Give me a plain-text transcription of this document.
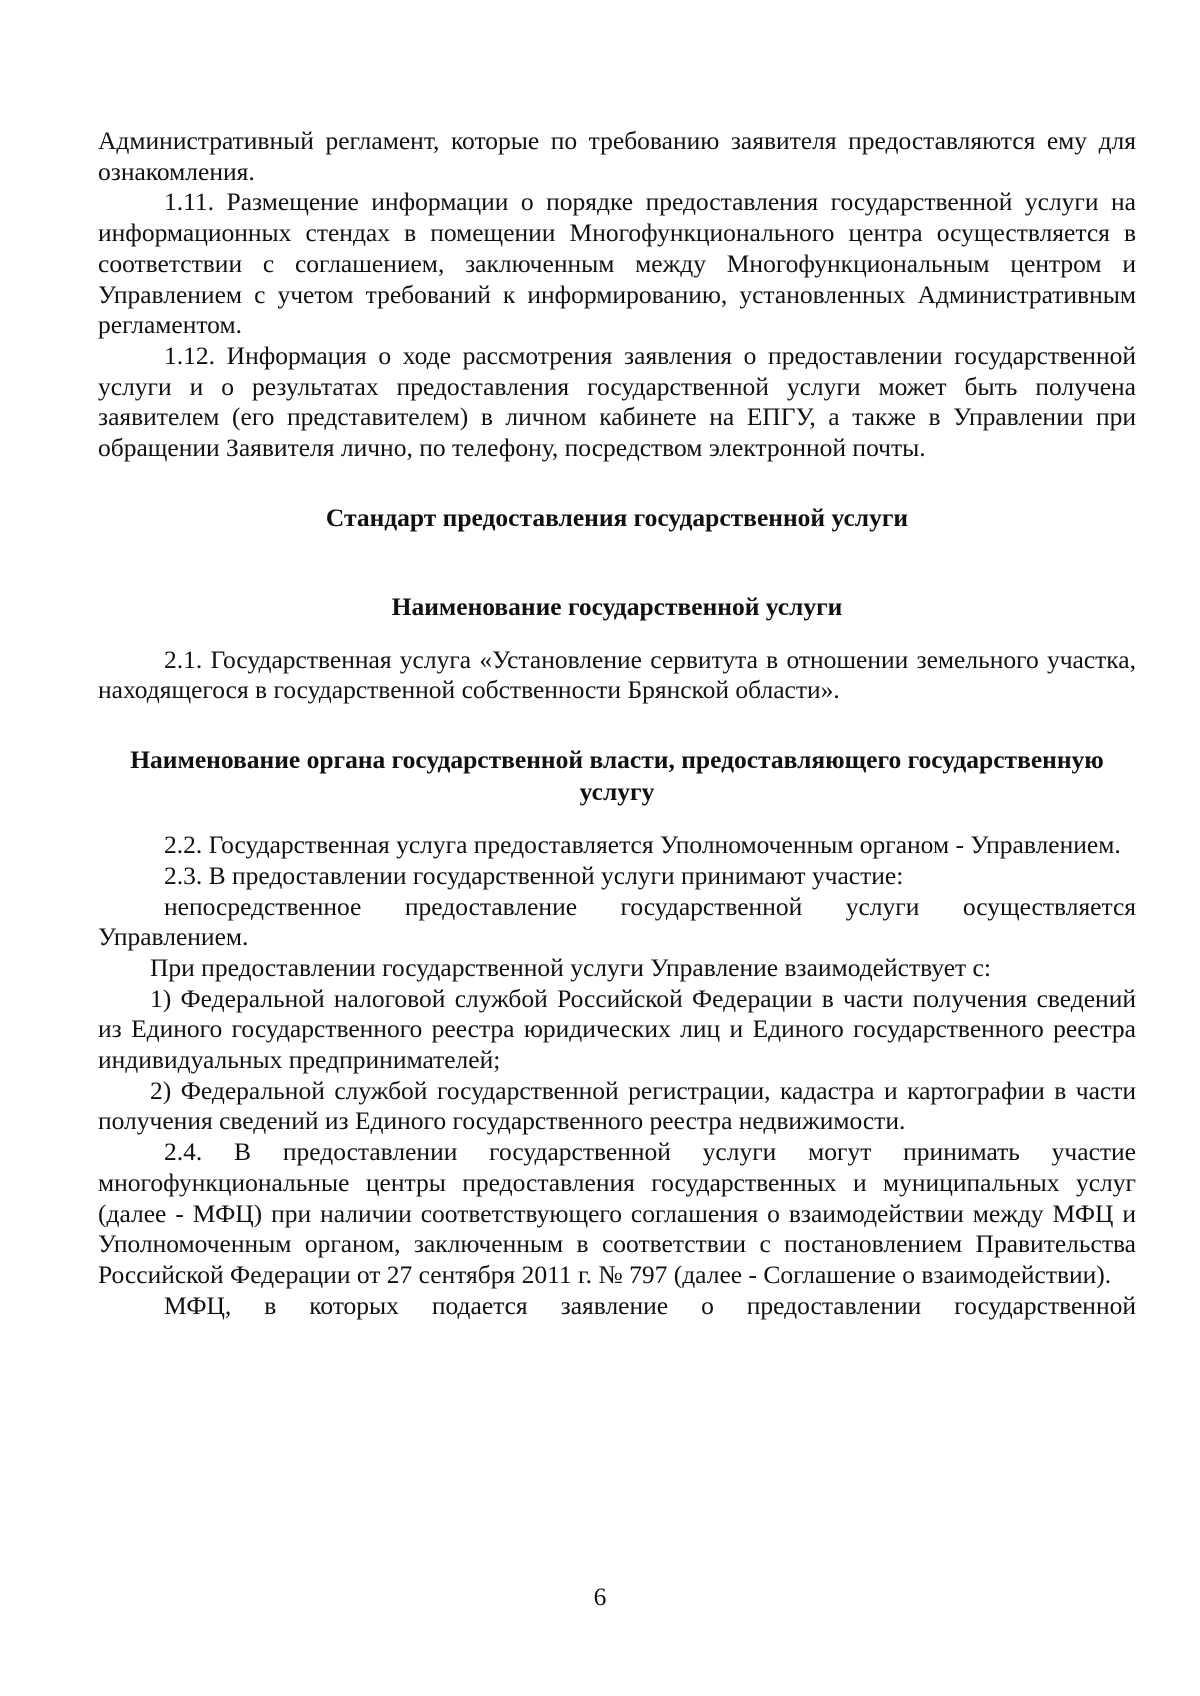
Административный регламент, которые по требованию заявителя предоставляются ему для ознакомления.

1.11. Размещение информации о порядке предоставления государственной услуги на информационных стендах в помещении Многофункционального центра осуществляется в соответствии с соглашением, заключенным между Многофункциональным центром и Управлением с учетом требований к информированию, установленных Административным регламентом.

1.12. Информация о ходе рассмотрения заявления о предоставлении государственной услуги и о результатах предоставления государственной услуги может быть получена заявителем (его представителем) в личном кабинете на ЕПГУ, а также в Управлении при обращении Заявителя лично, по телефону, посредством электронной почты.

Стандарт предоставления государственной услуги

Наименование государственной услуги

2.1. Государственная услуга «Установление сервитута в отношении земельного участка, находящегося в государственной собственности Брянской области».

Наименование органа государственной власти, предоставляющего государственную услугу

2.2. Государственная услуга предоставляется Уполномоченным органом - Управлением.

2.3. В предоставлении государственной услуги принимают участие:

непосредственное предоставление государственной услуги осуществляется Управлением.

При предоставлении государственной услуги Управление взаимодействует с:

1) Федеральной налоговой службой Российской Федерации в части получения сведений из Единого государственного реестра юридических лиц и Единого государственного реестра индивидуальных предпринимателей;

2) Федеральной службой государственной регистрации, кадастра и картографии в части получения сведений из Единого государственного реестра недвижимости.

2.4. В предоставлении государственной услуги могут принимать участие многофункциональные центры предоставления государственных и муниципальных услуг (далее - МФЦ) при наличии соответствующего соглашения о взаимодействии между МФЦ и Уполномоченным органом, заключенным в соответствии с постановлением Правительства Российской Федерации от 27 сентября 2011 г. № 797 (далее - Соглашение о взаимодействии).

МФЦ, в которых подается заявление о предоставлении государственной

6
